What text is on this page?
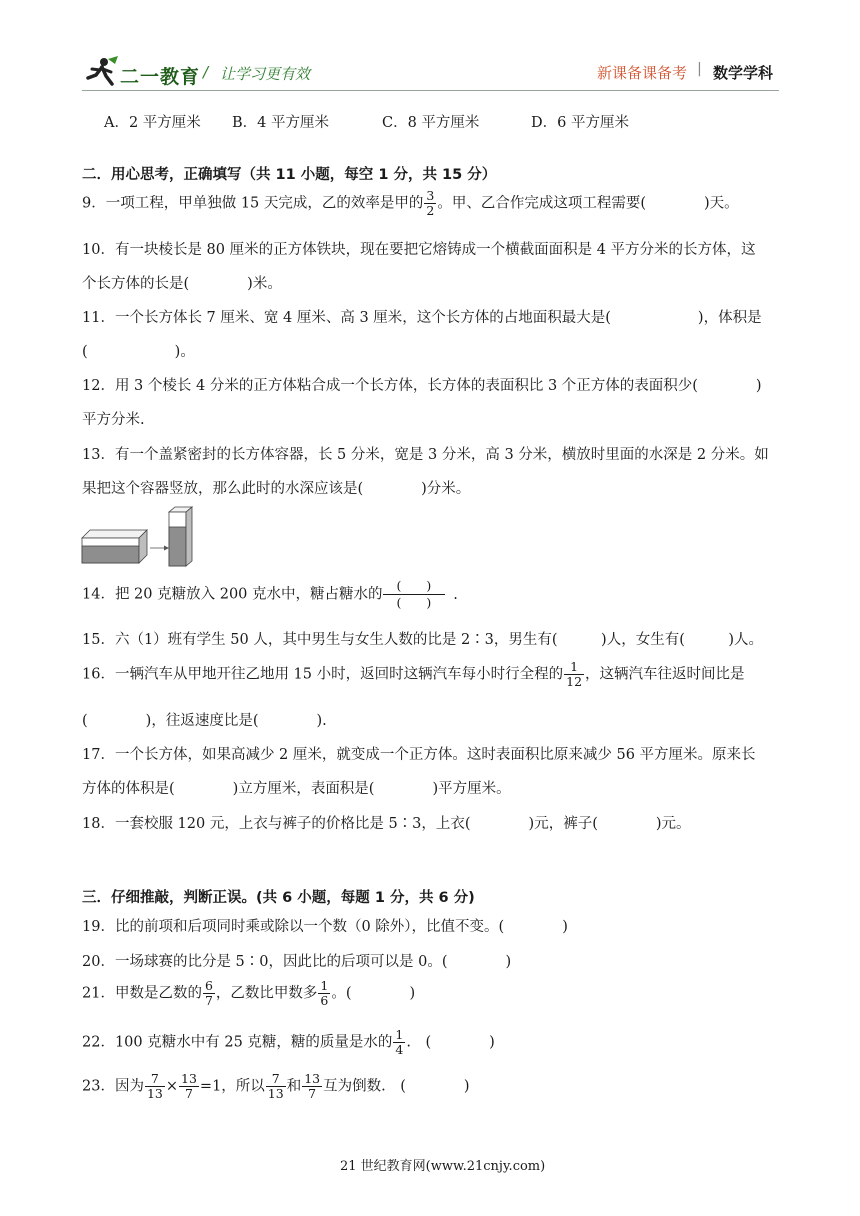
二一教育 / 让学习更有效	新课备课备考 | 数学学科
A．2 平方厘米 B．4 平方厘米	C．8 平方厘米	D．6 平方厘米
二．用心思考，正确填写（共 11 小题，每空 1 分，共 15 分）
9．一项工程，甲单独做 15 天完成，乙的效率是甲的 $\frac{3}{2}$ 。甲、乙合作完成这项工程需要(　　　　)天。
10．有一块棱长是 80 厘米的正方体铁块，现在要把它熔铸成一个横截面面积是 4 平方分米的长方体，这
个长方体的长是(　　　　)米。
11．一个长方体长 7 厘米、宽 4 厘米、高 3 厘米，这个长方体的占地面积最大是(　　　　　　)，体积是
(　　　　　　)。
12．用 3 个棱长 4 分米的正方体粘合成一个长方体，长方体的表面积比 3 个正方体的表面积少(　　　　)
平方分米.
13．有一个盖紧密封的长方体容器，长 5 分米，宽是 3 分米，高 3 分米，横放时里面的水深是 2 分米。如
果把这个容器竖放，那么此时的水深应该是(　　　　)分米。
14．把 20 克糖放入 200 克水中，糖占糖水的 $\frac{( )}{( )}$ .
15．六（1）班有学生 50 人，其中男生与女生人数的比是 2∶3，男生有(　　　)人，女生有(　　　)人。
16．一辆汽车从甲地开往乙地用 15 小时，返回时这辆汽车每小时行全程的 $\frac{1}{12}$ ，这辆汽车往返时间比是
(　　　　)，往返速度比是(　　　　).
17．一个长方体，如果高减少 2 厘米，就变成一个正方体。这时表面积比原来减少 56 平方厘米。原来长
方体的体积是(　　　　)立方厘米，表面积是(　　　　)平方厘米。
18．一套校服 120 元，上衣与裤子的价格比是 5∶3，上衣(　　　　)元，裤子(　　　　)元。
三．仔细推敲，判断正误。(共 6 小题，每题 1 分，共 6 分)
19．比的前项和后项同时乘或除以一个数（0 除外），比值不变。(　　　　)
20．一场球赛的比分是 5∶0，因此比的后项可以是 0。(　　　　)
21．甲数是乙数的 $\frac{6}{7}$ ，乙数比甲数多 $\frac{1}{6}$ 。(　　　　)
22．100 克糖水中有 25 克糖，糖的质量是水的 $\frac{1}{4}$ .　(　　　　)
23．因为 $\frac{7}{13} \times \frac{13}{7} =1$，所以 $\frac{7}{13}$ 和 $\frac{13}{7}$ 互为倒数.　(　　　　)
21 世纪教育网(www.21cnjy.com)
